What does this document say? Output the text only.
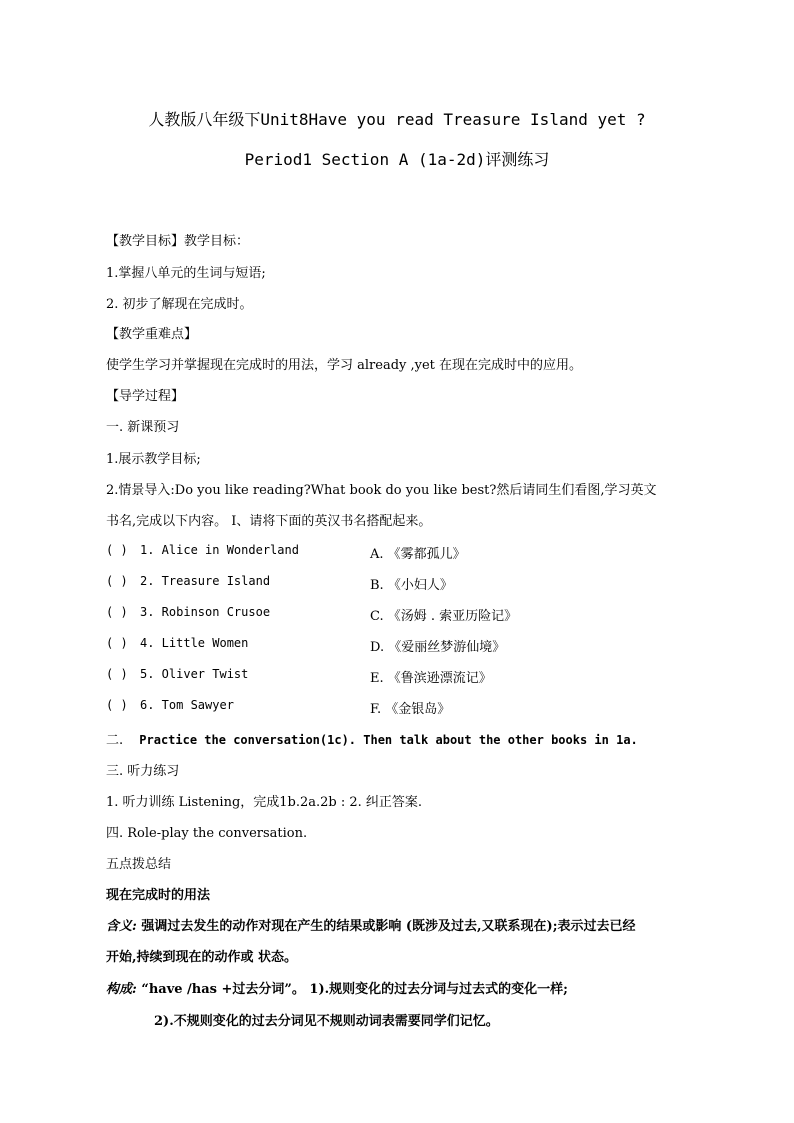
人教版八年级下Unit8Have you read Treasure Island yet ?
Period1 Section A (1a-2d)评测练习
【教学目标】教学目标：
1.掌握八单元的生词与短语;
2. 初步了解现在完成时。
【教学重难点】
使学生学习并掌握现在完成时的用法，学习 already ,yet 在现在完成时中的应用。
【导学过程】
一. 新课预习
1.展示教学目标;
2.情景导入:Do you like reading?What book do you like best?然后请同生们看图,学习英文
书名,完成以下内容。 I、请将下面的英汉书名搭配起来。
( ) 1. Alice in Wonderland	A. 《雾都孤儿》
( ) 2. Treasure Island	B. 《小妇人》
( ) 3. Robinson Crusoe	C. 《汤姆 . 索亚历险记》
( ) 4. Little Women	D. 《爱丽丝梦游仙境》
( ) 5. Oliver Twist	E. 《鲁滨逊漂流记》
( ) 6. Tom Sawyer	F. 《金银岛》
二. Practice the conversation(1c). Then talk about the other books in 1a.
三. 听力练习
1. 听力训练 Listening，完成1b.2a.2b : 2. 纠正答案.
四. Role-play the conversation.
五点拨总结
现在完成时的用法
含义: 强调过去发生的动作对现在产生的结果或影响 (既涉及过去,又联系现在);表示过去已经
开始,持续到现在的动作或 状态。
构成: “have /has +过去分词”。 1).规则变化的过去分词与过去式的变化一样;
2).不规则变化的过去分词见不规则动词表需要同学们记忆。
